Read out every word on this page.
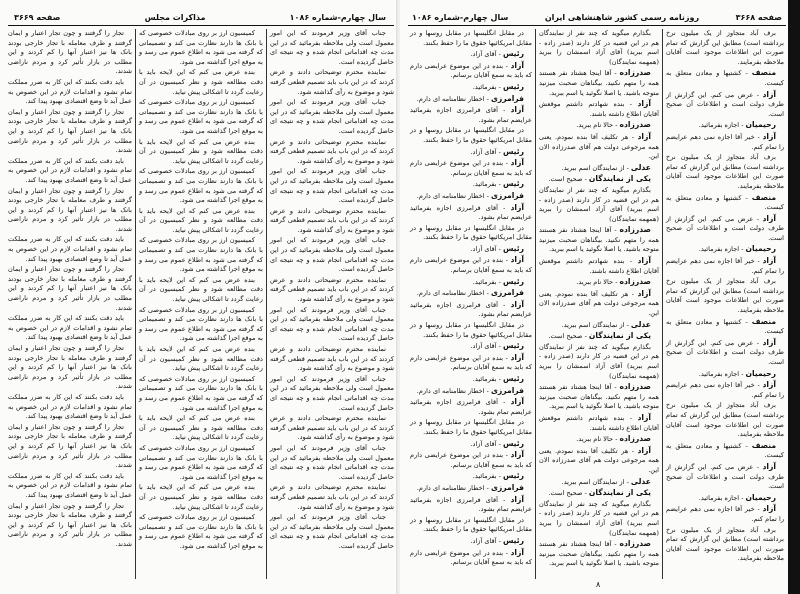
سال چهارم-شماره ۱۰۸۶
مذاکرات مجلس
صفحه ۳۶۶۹

تجار را گرفتند و چون تجار اعتبار و ایمان گرفتند و طرف معامله با تجار خارجی بودند بانک ها نیز اعتبار آنها را کم کردند و این مطلب در بازار تأثیر کرد و مردم ناراضی شدند.

باید دقت بکنند که این کار به ضرر مملکت تمام نشود و اقدامات لازم در این خصوص به عمل آید تا وضع اقتصادی بهبود پیدا کند.

تجار را گرفتند و چون تجار اعتبار و ایمان گرفتند و طرف معامله با تجار خارجی بودند بانک ها نیز اعتبار آنها را کم کردند و این مطلب در بازار تأثیر کرد و مردم ناراضی شدند.

باید دقت بکنند که این کار به ضرر مملکت تمام نشود و اقدامات لازم در این خصوص به عمل آید تا وضع اقتصادی بهبود پیدا کند.

تجار را گرفتند و چون تجار اعتبار و ایمان گرفتند و طرف معامله با تجار خارجی بودند بانک ها نیز اعتبار آنها را کم کردند و این مطلب در بازار تأثیر کرد و مردم ناراضی شدند.

باید دقت بکنند که این کار به ضرر مملکت تمام نشود و اقدامات لازم در این خصوص به عمل آید تا وضع اقتصادی بهبود پیدا کند.

تجار را گرفتند و چون تجار اعتبار و ایمان گرفتند و طرف معامله با تجار خارجی بودند بانک ها نیز اعتبار آنها را کم کردند و این مطلب در بازار تأثیر کرد و مردم ناراضی شدند.

باید دقت بکنند که این کار به ضرر مملکت تمام نشود و اقدامات لازم در این خصوص به عمل آید تا وضع اقتصادی بهبود پیدا کند.

تجار را گرفتند و چون تجار اعتبار و ایمان گرفتند و طرف معامله با تجار خارجی بودند بانک ها نیز اعتبار آنها را کم کردند و این مطلب در بازار تأثیر کرد و مردم ناراضی شدند.

باید دقت بکنند که این کار به ضرر مملکت تمام نشود و اقدامات لازم در این خصوص به عمل آید تا وضع اقتصادی بهبود پیدا کند.

تجار را گرفتند و چون تجار اعتبار و ایمان گرفتند و طرف معامله با تجار خارجی بودند بانک ها نیز اعتبار آنها را کم کردند و این مطلب در بازار تأثیر کرد و مردم ناراضی شدند.

باید دقت بکنند که این کار به ضرر مملکت تمام نشود و اقدامات لازم در این خصوص به عمل آید تا وضع اقتصادی بهبود پیدا کند.

تجار را گرفتند و چون تجار اعتبار و ایمان گرفتند و طرف معامله با تجار خارجی بودند بانک ها نیز اعتبار آنها را کم کردند و این مطلب در بازار تأثیر کرد و مردم ناراضی شدند.

کمیسیون ارز بر روی مبادلات خصوصی که با بانک ها دارند نظارت می کند و تصمیماتی که گرفته می شود به اطلاع عموم می رسد و به موقع اجرا گذاشته می شود.

بنده عرض می کنم که این لایحه باید با دقت مطالعه شود و نظر کمیسیون در آن رعایت گردد تا اشکالی پیش نیاید.

کمیسیون ارز بر روی مبادلات خصوصی که با بانک ها دارند نظارت می کند و تصمیماتی که گرفته می شود به اطلاع عموم می رسد و به موقع اجرا گذاشته می شود.

بنده عرض می کنم که این لایحه باید با دقت مطالعه شود و نظر کمیسیون در آن رعایت گردد تا اشکالی پیش نیاید.

کمیسیون ارز بر روی مبادلات خصوصی که با بانک ها دارند نظارت می کند و تصمیماتی که گرفته می شود به اطلاع عموم می رسد و به موقع اجرا گذاشته می شود.

بنده عرض می کنم که این لایحه باید با دقت مطالعه شود و نظر کمیسیون در آن رعایت گردد تا اشکالی پیش نیاید.

کمیسیون ارز بر روی مبادلات خصوصی که با بانک ها دارند نظارت می کند و تصمیماتی که گرفته می شود به اطلاع عموم می رسد و به موقع اجرا گذاشته می شود.

بنده عرض می کنم که این لایحه باید با دقت مطالعه شود و نظر کمیسیون در آن رعایت گردد تا اشکالی پیش نیاید.

کمیسیون ارز بر روی مبادلات خصوصی که با بانک ها دارند نظارت می کند و تصمیماتی که گرفته می شود به اطلاع عموم می رسد و به موقع اجرا گذاشته می شود.

بنده عرض می کنم که این لایحه باید با دقت مطالعه شود و نظر کمیسیون در آن رعایت گردد تا اشکالی پیش نیاید.

کمیسیون ارز بر روی مبادلات خصوصی که با بانک ها دارند نظارت می کند و تصمیماتی که گرفته می شود به اطلاع عموم می رسد و به موقع اجرا گذاشته می شود.

بنده عرض می کنم که این لایحه باید با دقت مطالعه شود و نظر کمیسیون در آن رعایت گردد تا اشکالی پیش نیاید.

کمیسیون ارز بر روی مبادلات خصوصی که با بانک ها دارند نظارت می کند و تصمیماتی که گرفته می شود به اطلاع عموم می رسد و به موقع اجرا گذاشته می شود.

بنده عرض می کنم که این لایحه باید با دقت مطالعه شود و نظر کمیسیون در آن رعایت گردد تا اشکالی پیش نیاید.

کمیسیون ارز بر روی مبادلات خصوصی که با بانک ها دارند نظارت می کند و تصمیماتی که گرفته می شود به اطلاع عموم می رسد و به موقع اجرا گذاشته می شود.

جناب آقای وزیر فرمودند که این امور معمول است ولی ملاحظه بفرمائید که در این مدت چه اقداماتی انجام شده و چه نتیجه ای حاصل گردیده است.

نماینده محترم توضیحاتی دادند و عرض کردند که در این باب باید تصمیم قطعی گرفته شود و موضوع به رأی گذاشته شود.

جناب آقای وزیر فرمودند که این امور معمول است ولی ملاحظه بفرمائید که در این مدت چه اقداماتی انجام شده و چه نتیجه ای حاصل گردیده است.

نماینده محترم توضیحاتی دادند و عرض کردند که در این باب باید تصمیم قطعی گرفته شود و موضوع به رأی گذاشته شود.

جناب آقای وزیر فرمودند که این امور معمول است ولی ملاحظه بفرمائید که در این مدت چه اقداماتی انجام شده و چه نتیجه ای حاصل گردیده است.

نماینده محترم توضیحاتی دادند و عرض کردند که در این باب باید تصمیم قطعی گرفته شود و موضوع به رأی گذاشته شود.

جناب آقای وزیر فرمودند که این امور معمول است ولی ملاحظه بفرمائید که در این مدت چه اقداماتی انجام شده و چه نتیجه ای حاصل گردیده است.

نماینده محترم توضیحاتی دادند و عرض کردند که در این باب باید تصمیم قطعی گرفته شود و موضوع به رأی گذاشته شود.

جناب آقای وزیر فرمودند که این امور معمول است ولی ملاحظه بفرمائید که در این مدت چه اقداماتی انجام شده و چه نتیجه ای حاصل گردیده است.

نماینده محترم توضیحاتی دادند و عرض کردند که در این باب باید تصمیم قطعی گرفته شود و موضوع به رأی گذاشته شود.

جناب آقای وزیر فرمودند که این امور معمول است ولی ملاحظه بفرمائید که در این مدت چه اقداماتی انجام شده و چه نتیجه ای حاصل گردیده است.

نماینده محترم توضیحاتی دادند و عرض کردند که در این باب باید تصمیم قطعی گرفته شود و موضوع به رأی گذاشته شود.

جناب آقای وزیر فرمودند که این امور معمول است ولی ملاحظه بفرمائید که در این مدت چه اقداماتی انجام شده و چه نتیجه ای حاصل گردیده است.

نماینده محترم توضیحاتی دادند و عرض کردند که در این باب باید تصمیم قطعی گرفته شود و موضوع به رأی گذاشته شود.

جناب آقای وزیر فرمودند که این امور معمول است ولی ملاحظه بفرمائید که در این مدت چه اقداماتی انجام شده و چه نتیجه ای حاصل گردیده است.

صفحه ۳۶۶۸
روزنامه رسمی کشور شاهنشاهی ایران
سال چهارم-شماره ۱۰۸۶

در مقابل انگلیسها در مقابل روسها و در مقابل امریکائیها حقوق ما را حفظ بکنند.

رئیس - آقای آزاد.

آزاد - بنده در این موضوع عرایضی دارم که باید به سمع آقایان برسانم.

رئیس - بفرمائید.

فرامرزی - اخطار نظامنامه ای دارم.

آزاد - آقای فرامرزی اجازه بفرمائید عرایضم تمام بشود.

در مقابل انگلیسها در مقابل روسها و در مقابل امریکائیها حقوق ما را حفظ بکنند.

رئیس - آقای آزاد.

آزاد - بنده در این موضوع عرایضی دارم که باید به سمع آقایان برسانم.

رئیس - بفرمائید.

فرامرزی - اخطار نظامنامه ای دارم.

آزاد - آقای فرامرزی اجازه بفرمائید عرایضم تمام بشود.

در مقابل انگلیسها در مقابل روسها و در مقابل امریکائیها حقوق ما را حفظ بکنند.

رئیس - آقای آزاد.

آزاد - بنده در این موضوع عرایضی دارم که باید به سمع آقایان برسانم.

رئیس - بفرمائید.

فرامرزی - اخطار نظامنامه ای دارم.

آزاد - آقای فرامرزی اجازه بفرمائید عرایضم تمام بشود.

در مقابل انگلیسها در مقابل روسها و در مقابل امریکائیها حقوق ما را حفظ بکنند.

رئیس - آقای آزاد.

آزاد - بنده در این موضوع عرایضی دارم که باید به سمع آقایان برسانم.

رئیس - بفرمائید.

فرامرزی - اخطار نظامنامه ای دارم.

آزاد - آقای فرامرزی اجازه بفرمائید عرایضم تمام بشود.

در مقابل انگلیسها در مقابل روسها و در مقابل امریکائیها حقوق ما را حفظ بکنند.

رئیس - آقای آزاد.

آزاد - بنده در این موضوع عرایضی دارم که باید به سمع آقایان برسانم.

رئیس - بفرمائید.

فرامرزی - اخطار نظامنامه ای دارم.

آزاد - آقای فرامرزی اجازه بفرمائید عرایضم تمام بشود.

در مقابل انگلیسها در مقابل روسها و در مقابل امریکائیها حقوق ما را حفظ بکنند.

رئیس - آقای آزاد.

آزاد - بنده در این موضوع عرایضی دارم که باید به سمع آقایان برسانم.

بگذارم میگوید که چند نفر از نمایندگان هم در این قضیه در کار دارند (صدر زاده - اسم ببرید) آقای آزاد اسمشان را ببرید (همهمه نمایندگان)

صدرزاده - آقا اینجا هشتاد نفر هستند همه را متهم نکنید. بیگناهان صحبت میزنید متوجه باشید. یا اصلا نگوئید یا اسم ببرید.

آزاد - بنده شهادتم داشتم موقعش آقایان اطلاع داشته باشند.

صدرزاده - حالا نام ببرید.

آزاد - هر تکلیف آقا بنده نمودم. یعنی همه مرجوعی دولت هم آقای صدرزاده الان این.

عدلی - از نمایندگان اسم ببرید.

یکی از نمایندگان - صحیح است.

بگذارم میگوید که چند نفر از نمایندگان هم در این قضیه در کار دارند (صدر زاده - اسم ببرید) آقای آزاد اسمشان را ببرید (همهمه نمایندگان)

صدرزاده - آقا اینجا هشتاد نفر هستند همه را متهم نکنید. بیگناهان صحبت میزنید متوجه باشید. یا اصلا نگوئید یا اسم ببرید.

آزاد - بنده شهادتم داشتم موقعش آقایان اطلاع داشته باشند.

صدرزاده - حالا نام ببرید.

آزاد - هر تکلیف آقا بنده نمودم. یعنی همه مرجوعی دولت هم آقای صدرزاده الان این.

عدلی - از نمایندگان اسم ببرید.

یکی از نمایندگان - صحیح است.

بگذارم میگوید که چند نفر از نمایندگان هم در این قضیه در کار دارند (صدر زاده - اسم ببرید) آقای آزاد اسمشان را ببرید (همهمه نمایندگان)

صدرزاده - آقا اینجا هشتاد نفر هستند همه را متهم نکنید. بیگناهان صحبت میزنید متوجه باشید. یا اصلا نگوئید یا اسم ببرید.

آزاد - بنده شهادتم داشتم موقعش آقایان اطلاع داشته باشند.

صدرزاده - حالا نام ببرید.

آزاد - هر تکلیف آقا بنده نمودم. یعنی همه مرجوعی دولت هم آقای صدرزاده الان این.

عدلی - از نمایندگان اسم ببرید.

یکی از نمایندگان - صحیح است.

بگذارم میگوید که چند نفر از نمایندگان هم در این قضیه در کار دارند (صدر زاده - اسم ببرید) آقای آزاد اسمشان را ببرید (همهمه نمایندگان)

صدرزاده - آقا اینجا هشتاد نفر هستند همه را متهم نکنید. بیگناهان صحبت میزنید متوجه باشید. یا اصلا نگوئید یا اسم ببرید.

برف آباد متجاوز از یک میلیون نرخ برداشته است) مطابق این گزارش که تمام صورت این اطلاعات موجود است آقایان ملاحظه بفرمایند.

منصف - کشتیها و معادن متعلق به کیست.

آزاد - عرض می کنم. این گزارش از طرف دولت است و اطلاعات آن صحیح است.

رحیمیان - اجازه بفرمائید.

آزاد - خیر آقا اجازه نمی دهم عرایضم را تمام کنم.

برف آباد متجاوز از یک میلیون نرخ برداشته است) مطابق این گزارش که تمام صورت این اطلاعات موجود است آقایان ملاحظه بفرمایند.

منصف - کشتیها و معادن متعلق به کیست.

آزاد - عرض می کنم. این گزارش از طرف دولت است و اطلاعات آن صحیح است.

رحیمیان - اجازه بفرمائید.

آزاد - خیر آقا اجازه نمی دهم عرایضم را تمام کنم.

برف آباد متجاوز از یک میلیون نرخ برداشته است) مطابق این گزارش که تمام صورت این اطلاعات موجود است آقایان ملاحظه بفرمایند.

منصف - کشتیها و معادن متعلق به کیست.

آزاد - عرض می کنم. این گزارش از طرف دولت است و اطلاعات آن صحیح است.

رحیمیان - اجازه بفرمائید.

آزاد - خیر آقا اجازه نمی دهم عرایضم را تمام کنم.

برف آباد متجاوز از یک میلیون نرخ برداشته است) مطابق این گزارش که تمام صورت این اطلاعات موجود است آقایان ملاحظه بفرمایند.

منصف - کشتیها و معادن متعلق به کیست.

آزاد - عرض می کنم. این گزارش از طرف دولت است و اطلاعات آن صحیح است.

رحیمیان - اجازه بفرمائید.

آزاد - خیر آقا اجازه نمی دهم عرایضم را تمام کنم.

برف آباد متجاوز از یک میلیون نرخ برداشته است) مطابق این گزارش که تمام صورت این اطلاعات موجود است آقایان ملاحظه بفرمایند.

۸
